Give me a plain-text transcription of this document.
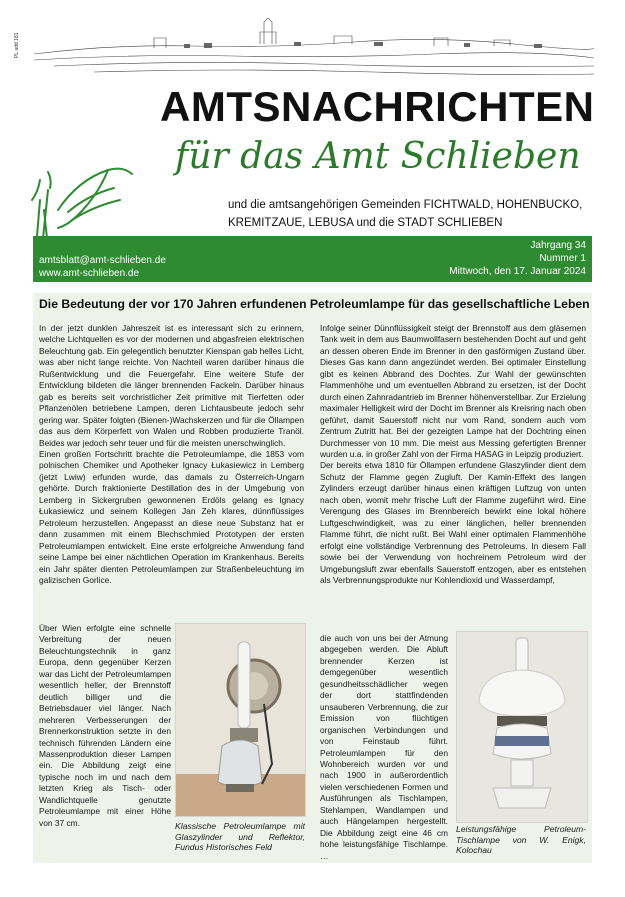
PL add 181
AMTSNACHRICHTEN
für das Amt Schlieben
und die amtsangehörigen Gemeinden FICHTWALD, HOHENBUCKO,
KREMITZAUE, LEBUSA und die STADT SCHLIEBEN
amtsblatt@amt-schlieben.de
www.amt-schlieben.de
Jahrgang 34
Nummer 1
Mittwoch, den 17. Januar 2024
Die Bedeutung der vor 170 Jahren erfundenen Petroleumlampe für das gesellschaftliche Leben

In der jetzt dunklen Jahreszeit ist es interessant sich zu erinnern, welche Lichtquellen es vor der modernen und abgasfreien elektrischen Beleuchtung gab. Ein gelegentlich benutzter Kienspan gab helles Licht, was aber nicht lange reichte. Von Nachteil waren darüber hinaus die Rußentwicklung und die Feuergefahr. Eine weitere Stufe der Entwicklung bildeten die länger brennenden Fackeln. Darüber hinaus gab es bereits seit vorchristlicher Zeit primitive mit Tierfetten oder Pflanzenölen betriebene Lampen, deren Lichtausbeute jedoch sehr gering war. Später folgten (Bienen-)Wachskerzen und für die Öllampen das aus dem Körperfett von Walen und Robben produzierte Tranöl. Beides war jedoch sehr teuer und für die meisten unerschwinglich.

Einen großen Fortschritt brachte die Petroleumlampe, die 1853 vom polnischen Chemiker und Apotheker Ignacy Łukasiewicz in Lemberg (jetzt Lwiw) erfunden wurde, das damals zu Österreich-Ungarn gehörte. Durch fraktionierte Destillation des in der Umgebung von Lemberg in Sickergruben gewonnenen Erdöls gelang es Ignacy Łukasiewicz und seinem Kollegen Jan Zeh klares, dünnflüssiges Petroleum herzustellen. Angepasst an diese neue Substanz hat er dann zusammen mit einem Blechschmied Prototypen der ersten Petroleumlampen entwickelt. Eine erste erfolgreiche Anwendung fand seine Lampe bei einer nächtlichen Operation im Krankenhaus. Bereits ein Jahr später dienten Petroleumlampen zur Straßenbeleuchtung im galizischen Gorlice.

Über Wien erfolgte eine schnelle Verbreitung der neuen Beleuchtungstechnik in ganz Europa, denn gegenüber Kerzen war das Licht der Petroleumlampen wesentlich heller, der Brennstoff deutlich billiger und die Betriebsdauer viel länger. Nach mehreren Verbesserungen der Brennerkonstruktion setzte in den technisch führenden Ländern eine Massenproduktion dieser Lampen ein. Die Abbildung zeigt eine typische noch im und nach dem letzten Krieg als Tisch- oder Wandlichtquelle genutzte Petroleumlampe mit einer Höhe von 37 cm.	Klassische Petroleumlampe mit Glaszylinder und Reflektor, Fundus Historisches Feld

Infolge seiner Dünnflüssigkeit steigt der Brennstoff aus dem gläsernen Tank weit in dem aus Baumwollfasern bestehenden Docht auf und geht an dessen oberen Ende im Brenner in den gasförmigen Zustand über. Dieses Gas kann dann angezündet werden. Bei optimaler Einstellung gibt es keinen Abbrand des Dochtes. Zur Wahl der gewünschten Flammenhöhe und um eventuellen Abbrand zu ersetzen, ist der Docht durch einen Zahnradantrieb im Brenner höhenverstellbar. Zur Erzielung maximaler Helligkeit wird der Docht im Brenner als Kreisring nach oben geführt, damit Sauerstoff nicht nur vom Rand, sondern auch vom Zentrum Zutritt hat. Bei der gezeigten Lampe hat der Dochtring einen Durchmesser von 10 mm. Die meist aus Messing gefertigten Brenner wurden u.a. in großer Zahl von der Firma HASAG in Leipzig produziert.

Der bereits etwa 1810 für Öllampen erfundene Glaszylinder dient dem Schutz der Flamme gegen Zugluft. Der Kamin-Effekt des langen Zylinders erzeugt darüber hinaus einen kräftigen Luftzug von unten nach oben, womit mehr frische Luft der Flamme zugeführt wird. Eine Verengung des Glases im Brennbereich bewirkt eine lokal höhere Luftgeschwindigkeit, was zu einer länglichen, heller brennenden Flamme führt, die nicht rußt. Bei Wahl einer optimalen Flammenhöhe erfolgt eine vollständige Verbrennung des Petroleums. In diesem Fall sowie bei der Verwendung von hochreinem Petroleum wird der Umgebungsluft zwar ebenfalls Sauerstoff entzogen, aber es entstehen als Verbrennungsprodukte nur Kohlendioxid und Wasserdampf,

die auch von uns bei der Atmung abgegeben werden. Die Abluft brennender Kerzen ist demgegenüber wesentlich gesundheitsschädlicher wegen der dort stattfindenden unsauberen Verbrennung, die zur Emission von flüchtigen organischen Verbindungen und von Feinstaub führt. Petroleumlampen für den Wohnbereich wurden vor und nach 1900 in außerordentlich vielen verschiedenen Formen und Ausführungen als Tischlampen, Stehlampen, Wandlampen und auch Hängelampen hergestellt. Die Abbildung zeigt eine 46 cm hohe leistungsfähige Tischlampe. …

Leistungsfähige Petroleum-Tischlampe von W. Enigk, Kolochau
